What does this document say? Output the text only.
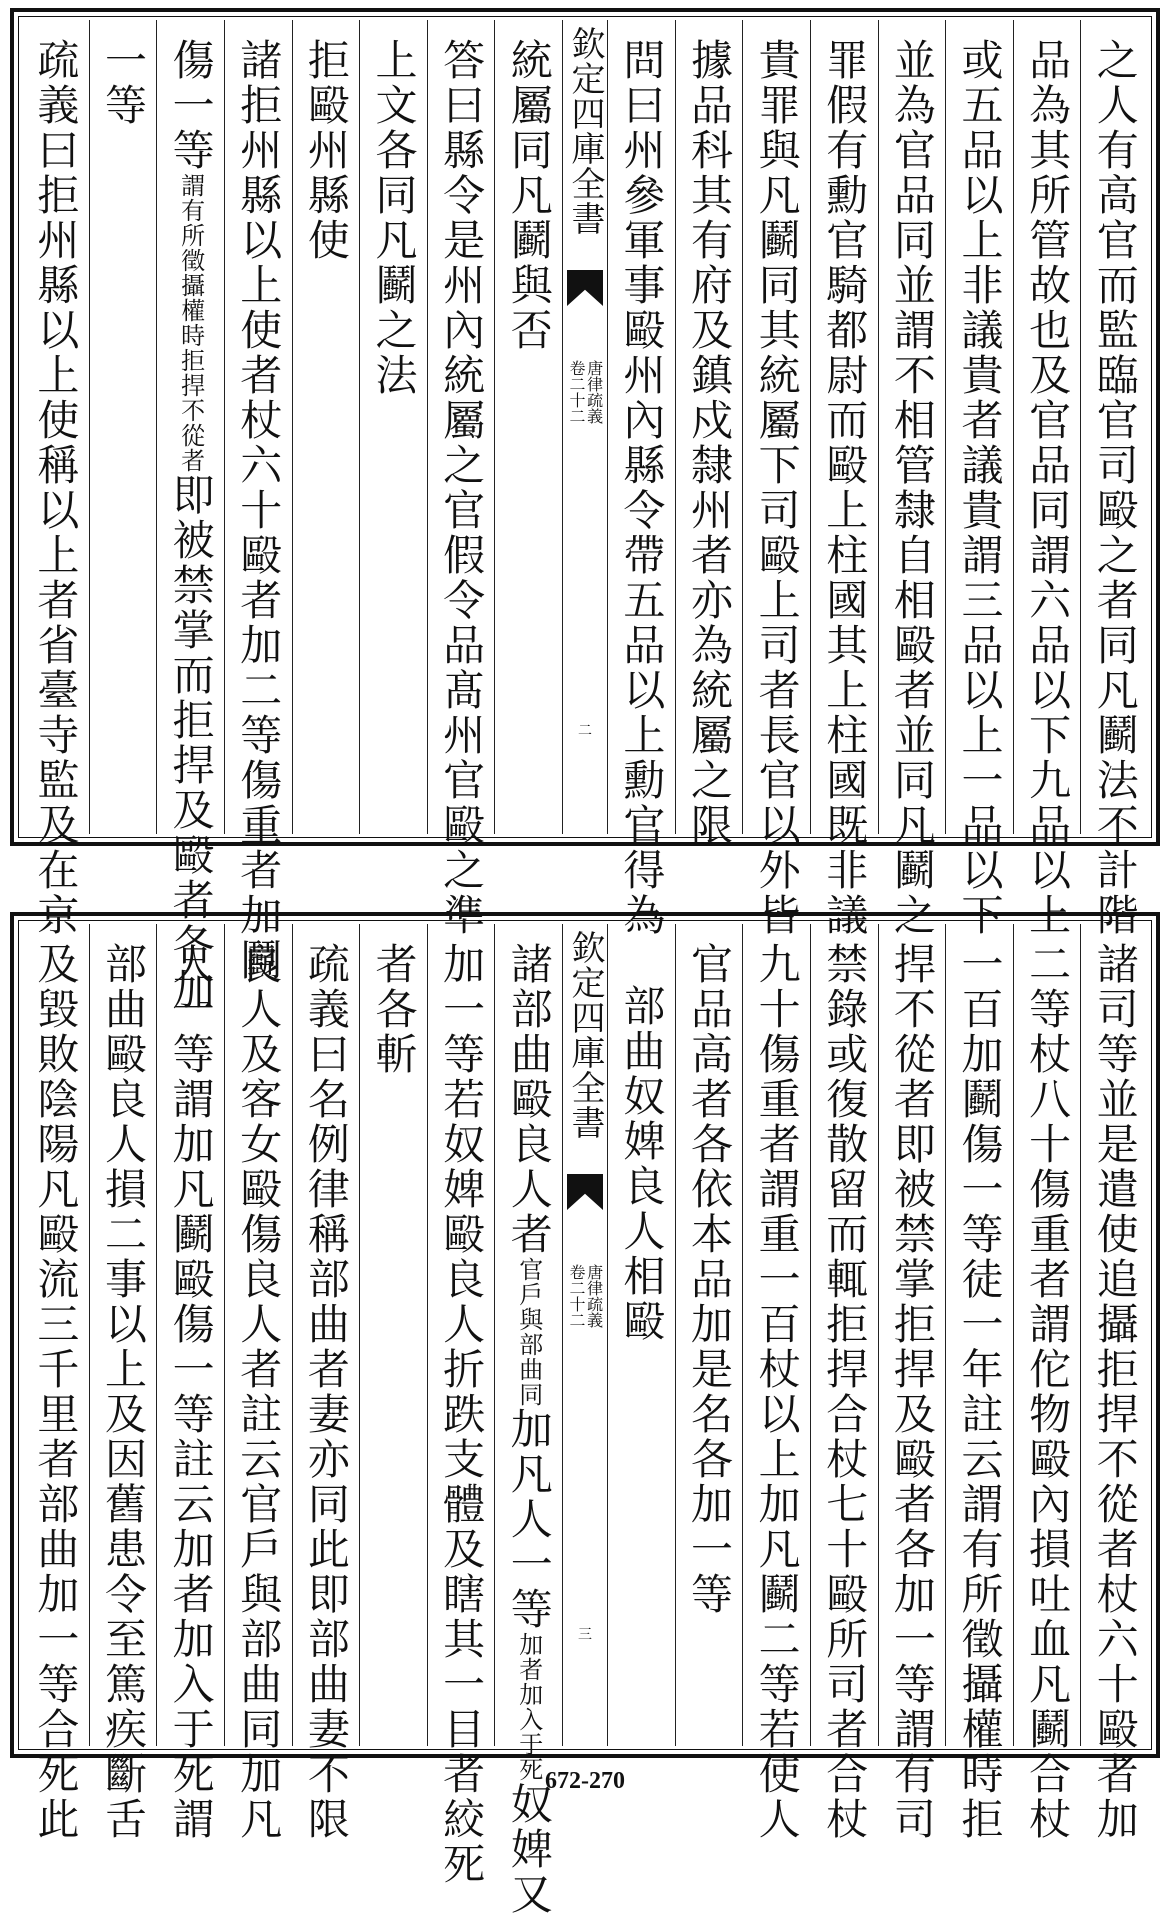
之人有高官而監臨官司毆之者同凡鬬法不計階
品為其所管故也及官品同謂六品以下九品以上
或五品以上非議貴者議貴謂三品以上一品以下
並為官品同並謂不相管隸自相毆者並同凡鬬之
罪假有勳官騎都尉而毆上柱國其上柱國既非議
貴罪與凡鬬同其統屬下司毆上司者長官以外皆
據品科其有府及鎮戍隸州者亦為統屬之限
問曰州參軍事毆州內縣令帶五品以上勳官得為
欽定四庫全書
唐律疏義
卷二十二
二
統屬同凡鬬與否
答曰縣令是州內統屬之官假令品髙州官毆之準
上文各同凡鬬之法
拒毆州縣使
諸拒州縣以上使者杖六十毆者加二等傷重者加鬬
傷一等謂有所徵攝權時拒捍不從者即被禁掌而拒捍及毆者各加
一等
疏義曰拒州縣以上使稱以上者省臺寺監及在京
諸司等並是遣使追攝拒捍不從者杖六十毆者加
二等杖八十傷重者謂佗物毆內損吐血凡鬬合杖
一百加鬬傷一等徒一年註云謂有所徵攝權時拒
捍不從者即被禁掌拒捍及毆者各加一等謂有司
禁錄或復散留而輒拒捍合杖七十毆所司者合杖
九十傷重者謂重一百杖以上加凡鬬二等若使人
官品高者各依本品加是名各加一等
部曲奴婢良人相毆
欽定四庫全書
唐律疏義
卷二十二
三
諸部曲毆良人者官戶與部曲同加凡人一等加者加入于死奴婢又
加一等若奴婢毆良人折跌支體及瞎其一目者絞死
者各斬
疏義曰名例律稱部曲者妻亦同此即部曲妻不限
良人及客女毆傷良人者註云官戶與部曲同加凡
人一等謂加凡鬬毆傷一等註云加者加入于死謂
部曲毆良人損二事以上及因舊患令至篤疾斷舌
及毀敗陰陽凡毆流三千里者部曲加一等合死此	672-270
